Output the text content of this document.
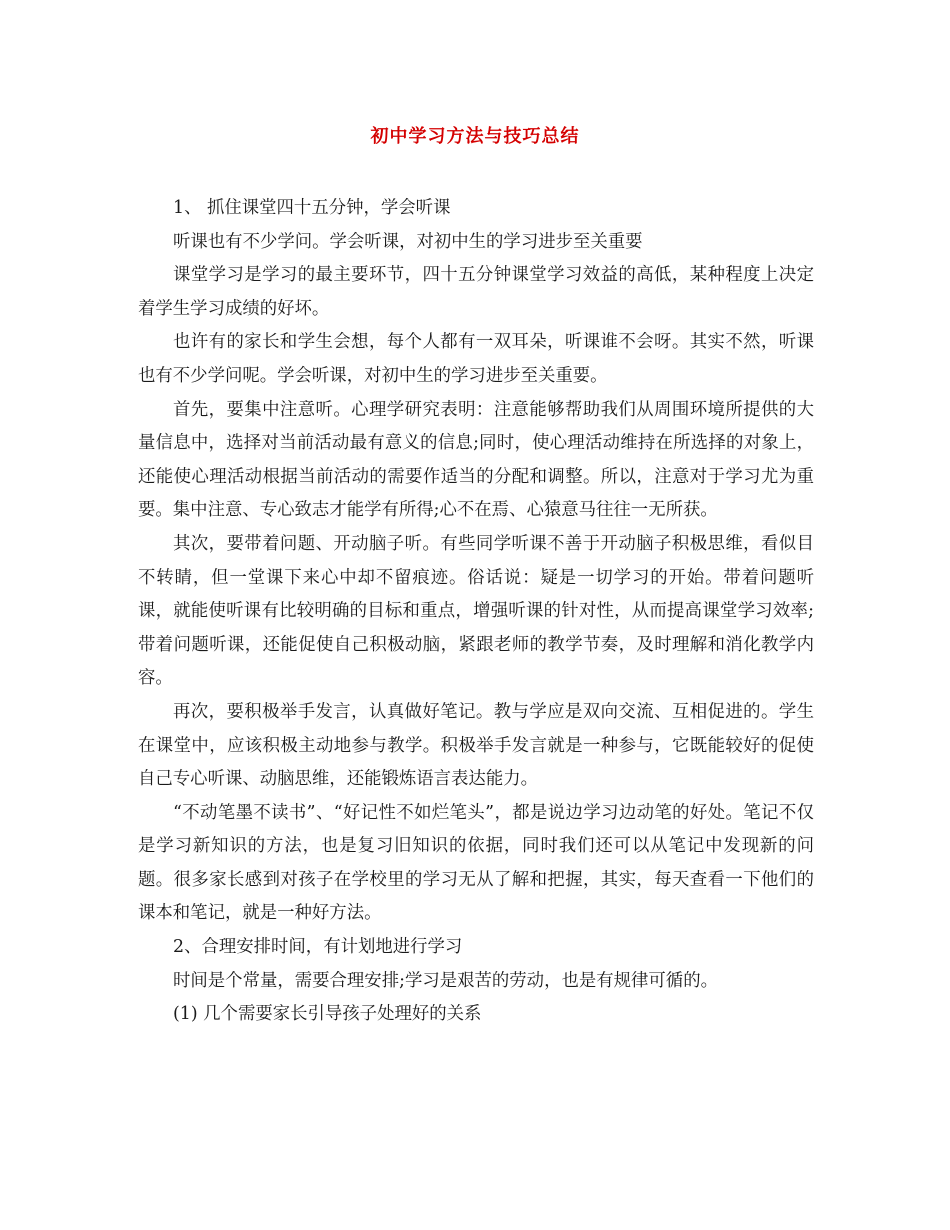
初中学习方法与技巧总结

1、 抓住课堂四十五分钟，学会听课

听课也有不少学问。学会听课，对初中生的学习进步至关重要

课堂学习是学习的最主要环节，四十五分钟课堂学习效益的高低，某种程度上决定着学生学习成绩的好坏。

也许有的家长和学生会想，每个人都有一双耳朵，听课谁不会呀。其实不然，听课也有不少学问呢。学会听课，对初中生的学习进步至关重要。

首先，要集中注意听。心理学研究表明：注意能够帮助我们从周围环境所提供的大量信息中，选择对当前活动最有意义的信息;同时，使心理活动维持在所选择的对象上，还能使心理活动根据当前活动的需要作适当的分配和调整。所以，注意对于学习尤为重要。集中注意、专心致志才能学有所得;心不在焉、心猿意马往往一无所获。

其次，要带着问题、开动脑子听。有些同学听课不善于开动脑子积极思维，看似目不转睛，但一堂课下来心中却不留痕迹。俗话说：疑是一切学习的开始。带着问题听课，就能使听课有比较明确的目标和重点，增强听课的针对性，从而提高课堂学习效率;带着问题听课，还能促使自己积极动脑，紧跟老师的教学节奏，及时理解和消化教学内容。

再次，要积极举手发言，认真做好笔记。教与学应是双向交流、互相促进的。学生在课堂中，应该积极主动地参与教学。积极举手发言就是一种参与，它既能较好的促使自己专心听课、动脑思维，还能锻炼语言表达能力。

“不动笔墨不读书”、“好记性不如烂笔头”，都是说边学习边动笔的好处。笔记不仅是学习新知识的方法，也是复习旧知识的依据，同时我们还可以从笔记中发现新的问题。很多家长感到对孩子在学校里的学习无从了解和把握，其实，每天查看一下他们的课本和笔记，就是一种好方法。

2、合理安排时间，有计划地进行学习

时间是个常量，需要合理安排;学习是艰苦的劳动，也是有规律可循的。

(1) 几个需要家长引导孩子处理好的关系
